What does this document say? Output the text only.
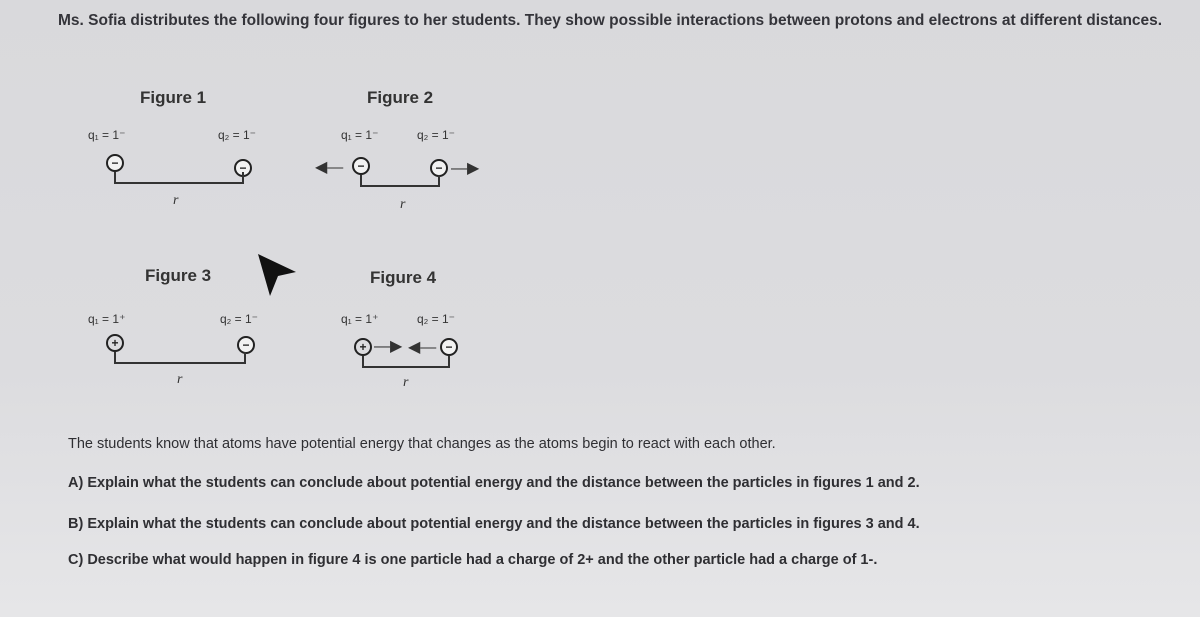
Ms. Sofia distributes the following four figures to her students. They show possible interactions between protons and electrons at different distances.
Figure 1
q₁ = 1⁻	q₂ = 1⁻
−	−
r
Figure 2
q₁ = 1⁻	q₂ = 1⁻
◀—	−	− —▶
r
Figure 3
q₁ = 1⁺	q₂ = 1⁻
+	−
r
Figure 4
q₁ = 1⁺	q₂ = 1⁻
+ —▶ ◀— −
r
The students know that atoms have potential energy that changes as the atoms begin to react with each other.
A) Explain what the students can conclude about potential energy and the distance between the particles in figures 1 and 2.
B) Explain what the students can conclude about potential energy and the distance between the particles in figures 3 and 4.
C) Describe what would happen in figure 4 is one particle had a charge of 2+ and the other particle had a charge of 1-.
